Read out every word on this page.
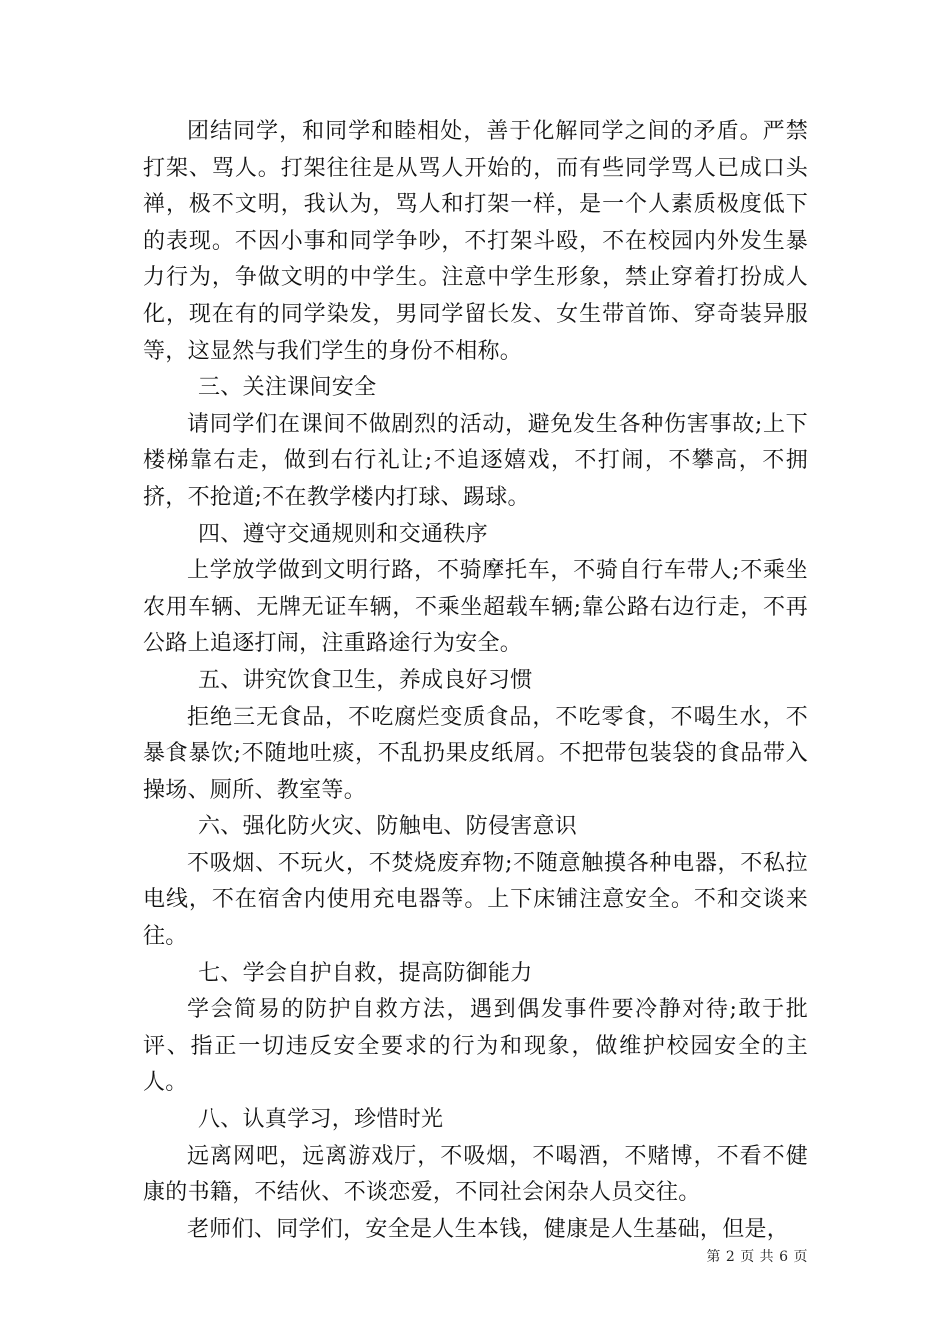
团结同学，和同学和睦相处，善于化解同学之间的矛盾。严禁打架、骂人。打架往往是从骂人开始的，而有些同学骂人已成口头禅，极不文明，我认为，骂人和打架一样，是一个人素质极度低下的表现。不因小事和同学争吵，不打架斗殴，不在校园内外发生暴力行为，争做文明的中学生。注意中学生形象，禁止穿着打扮成人化，现在有的同学染发，男同学留长发、女生带首饰、穿奇装异服等，这显然与我们学生的身份不相称。

三、关注课间安全

请同学们在课间不做剧烈的活动，避免发生各种伤害事故;上下楼梯靠右走，做到右行礼让;不追逐嬉戏，不打闹，不攀高，不拥挤，不抢道;不在教学楼内打球、踢球。

四、遵守交通规则和交通秩序

上学放学做到文明行路，不骑摩托车，不骑自行车带人;不乘坐农用车辆、无牌无证车辆，不乘坐超载车辆;靠公路右边行走，不再公路上追逐打闹，注重路途行为安全。

五、讲究饮食卫生，养成良好习惯

拒绝三无食品，不吃腐烂变质食品，不吃零食，不喝生水，不暴食暴饮;不随地吐痰，不乱扔果皮纸屑。不把带包装袋的食品带入操场、厕所、教室等。

六、强化防火灾、防触电、防侵害意识

不吸烟、不玩火，不焚烧废弃物;不随意触摸各种电器，不私拉电线，不在宿舍内使用充电器等。上下床铺注意安全。不和交谈来往。

七、学会自护自救，提高防御能力

学会简易的防护自救方法，遇到偶发事件要冷静对待;敢于批评、指正一切违反安全要求的行为和现象，做维护校园安全的主人。

八、认真学习，珍惜时光

远离网吧，远离游戏厅，不吸烟，不喝酒，不赌博，不看不健康的书籍，不结伙、不谈恋爱，不同社会闲杂人员交往。

老师们、同学们，安全是人生本钱，健康是人生基础，但是，

第 2 页 共 6 页
